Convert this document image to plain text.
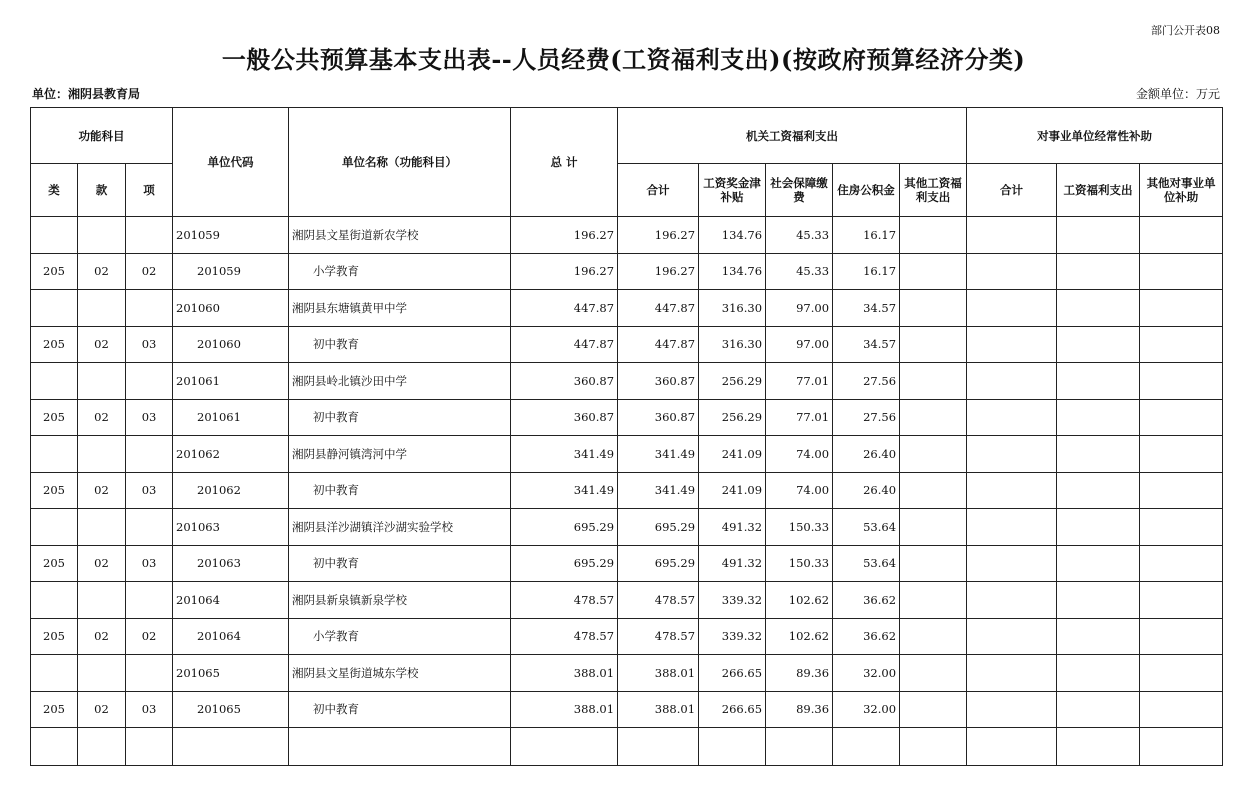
部门公开表08
一般公共预算基本支出表--人员经费(工资福利支出)(按政府预算经济分类)
单位：湘阴县教育局	金额单位：万元
功能科目			单位代码	单位名称（功能科目）	总 计	机关工资福利支出					对事业单位经常性补助		
类	款	项				合计	工资奖金津补贴	社会保障缴费	住房公积金	其他工资福利支出	合计	工资福利支出	其他对事业单位补助
			201059	湘阴县文星街道新农学校	196.27	196.27	134.76	45.33	16.17				
205	02	02	201059	小学教育	196.27	196.27	134.76	45.33	16.17				
			201060	湘阴县东塘镇黄甲中学	447.87	447.87	316.30	97.00	34.57				
205	02	03	201060	初中教育	447.87	447.87	316.30	97.00	34.57				
			201061	湘阴县岭北镇沙田中学	360.87	360.87	256.29	77.01	27.56				
205	02	03	201061	初中教育	360.87	360.87	256.29	77.01	27.56				
			201062	湘阴县静河镇湾河中学	341.49	341.49	241.09	74.00	26.40				
205	02	03	201062	初中教育	341.49	341.49	241.09	74.00	26.40				
			201063	湘阴县洋沙湖镇洋沙湖实验学校	695.29	695.29	491.32	150.33	53.64				
205	02	03	201063	初中教育	695.29	695.29	491.32	150.33	53.64				
			201064	湘阴县新泉镇新泉学校	478.57	478.57	339.32	102.62	36.62				
205	02	02	201064	小学教育	478.57	478.57	339.32	102.62	36.62				
			201065	湘阴县文星街道城东学校	388.01	388.01	266.65	89.36	32.00				
205	02	03	201065	初中教育	388.01	388.01	266.65	89.36	32.00				
